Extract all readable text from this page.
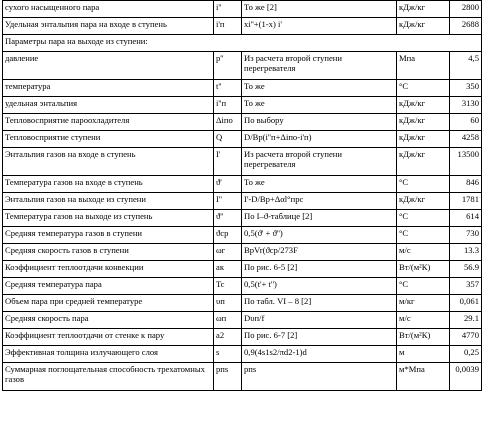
сухого насыщенного пара	i''	То же [2]	кДж/кг	2800
Удельная энтальпия пара на входе в ступень	i'п	xi''+(1-x) i'	кДж/кг	2688
Параметры пара на выходе из ступени:				
давление	p''	Из расчета второй ступени перегревателя	Мпа	4,5
температура	t''	То же	°C	350
удельная энтальпия	i''п	То же	кДж/кг	3130
Тепловосприятие пароохладителя	Δiпо	По выбору	кДж/кг	60
Тепловосприятие ступени	Q	D/Bр(i''п+Δiпо-i'п)	кДж/кг	4258
Энтальпия газов на входе в ступень	I'	Из расчета второй ступени перегревателя	кДж/кг	13500
Температура газов на входе в ступень	ϑ'	То же	°C	846
Энтальпия газов на выходе из ступени	I''	I'-D/Bр+Δαl°прс	кДж/кг	1781
Температура газов на выходе из ступень	ϑ''	По I–ϑ-таблице [2]	°C	614
Средняя температура газов в ступени	ϑср	0,5(ϑ' + ϑ'')	°C	730
Средняя скорость газов в ступени	ωг	BрVr(ϑср/273F	м/с	13.3
Коэффициент теплоотдачи конвекции	aк	По рис. 6-5 [2]	Вт/(м²К)	56.9
Средняя температура пара	Tc	0,5(t'+ t'')	°C	357
Объем пара при средней температуре	υп	По табл. VI – 8 [2]	м/кг	0,061
Средняя скорость пара	ωп	Dυп/f	м/с	29.1
Коэффициент теплоотдачи от стенке к пару	a2	По рис. 6-7 [2]	Вт/(м²К)	4770
Эффективная толщина излучающего слоя	s	0,9(4s1s2/πd2-1)d	м	0,25
Суммарная поглощательная способность трехатомных газов	pпs	pпs	м*Мпа	0,0039
